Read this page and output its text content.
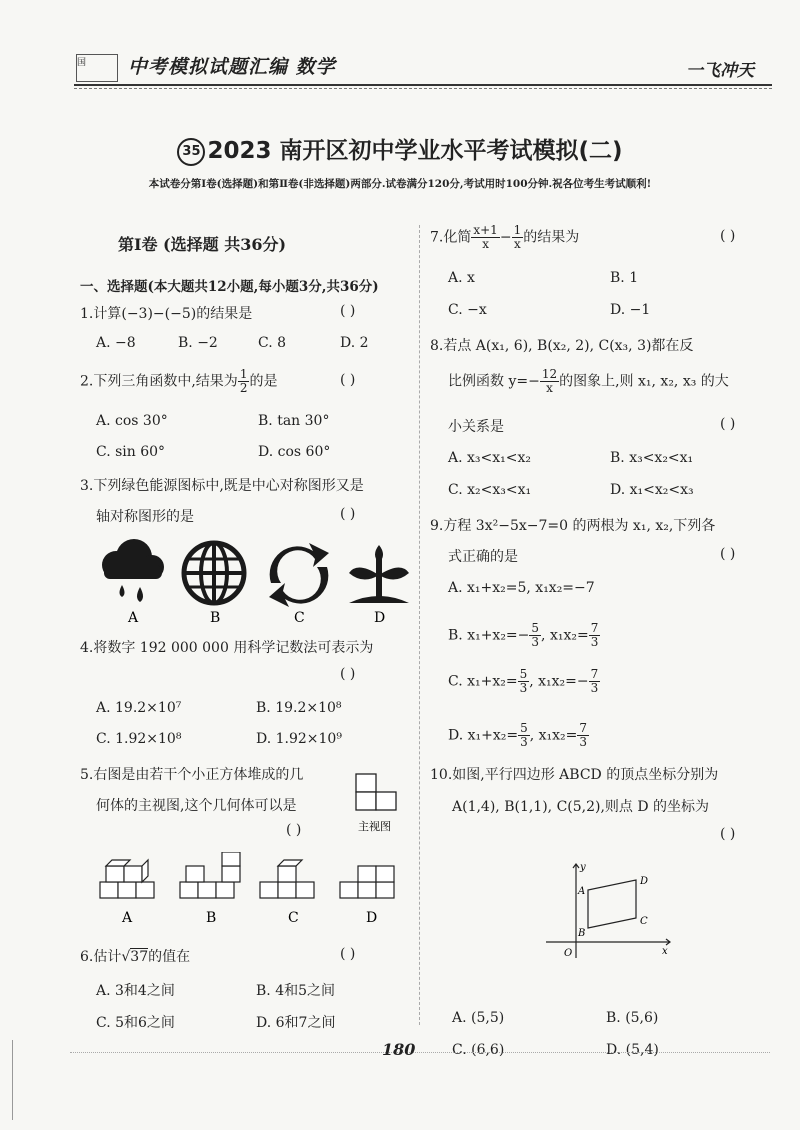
国	中考模拟试题汇编 数学	一飞冲天
35 2023 南开区初中学业水平考试模拟(二)
本试卷分第Ⅰ卷(选择题)和第Ⅱ卷(非选择题)两部分.试卷满分120分,考试用时100分钟.祝各位考生考试顺利!
第Ⅰ卷 (选择题 共36分)
一、选择题(本大题共12小题,每小题3分,共36分)
1.计算(−3)−(−5)的结果是	( )
A. −8	B. −2	C. 8	D. 2
2.下列三角函数中,结果为 $\frac{1}{2}$ 的是	( )
A. cos 30°	B. tan 30°
C. sin 60°	D. cos 60°
3.下列绿色能源图标中,既是中心对称图形又是
轴对称图形的是	( )
A	B	C	D
4.将数字 192 000 000 用科学记数法可表示为
( )
A. 19.2×10⁷	B. 19.2×10⁸
C. 1.92×10⁸	D. 1.92×10⁹
5.右图是由若干个小正方体堆成的几
何体的主视图,这个几何体可以是
( )	主视图
A	B	C	D
6.估计√37的值在	( )
A. 3和4之间	B. 4和5之间
C. 5和6之间	D. 6和7之间
7.化简 $\frac{x+1}{x} - \frac{1}{x}$ 的结果为	( )
A. x	B. 1
C. −x	D. −1
8.若点 A(x₁, 6), B(x₂, 2), C(x₃, 3)都在反
比例函数 $y=- \frac{12}{x}$ 的图象上,则 x₁, x₂, x₃ 的大
小关系是	( )
A. x₃<x₁<x₂	B. x₃<x₂<x₁
C. x₂<x₃<x₁	D. x₁<x₂<x₃
9.方程 3x²−5x−7=0 的两根为 x₁, x₂,下列各
式正确的是	( )
A. x₁+x₂=5, x₁x₂=−7
B. $x_1+x_2=- \frac{5}{3}$ , $x_1x_2= \frac{7}{3}$
C. $x_1+x_2= \frac{5}{3}$ , $x_1x_2=- \frac{7}{3}$
D. $x_1+x_2= \frac{5}{3}$ , $x_1x_2= \frac{7}{3}$
10.如图,平行四边形 ABCD 的顶点坐标分别为
A(1,4), B(1,1), C(5,2),则点 D 的坐标为
( )
y
x
O
A
B
C
D
A. (5,5)	B. (5,6)
C. (6,6)	D. (5,4)
180
